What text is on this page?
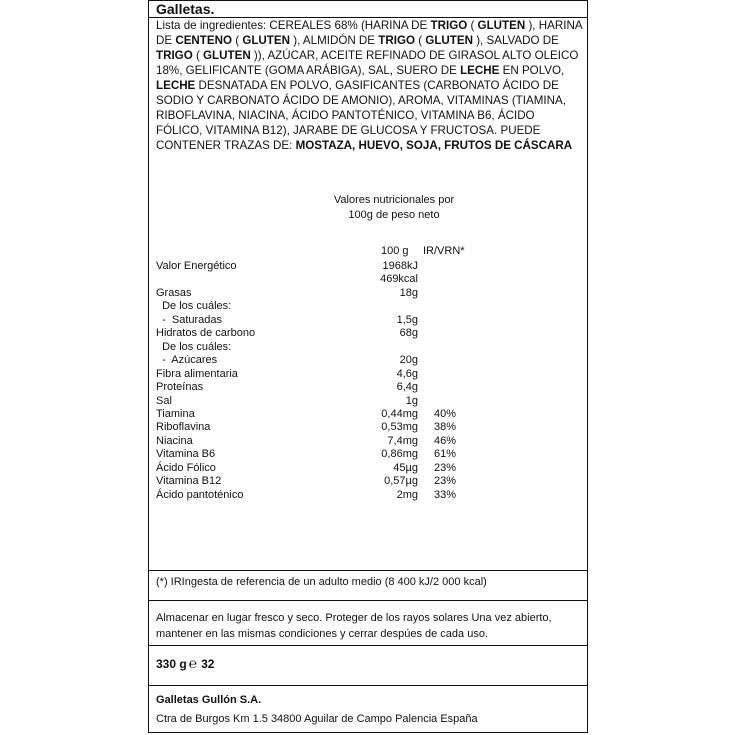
Galletas.
Lista de ingredientes: CEREALES 68% (HARINA DE TRIGO ( GLUTEN ), HARINA DE CENTENO ( GLUTEN ), ALMIDÓN DE TRIGO ( GLUTEN ), SALVADO DE TRIGO ( GLUTEN )), AZÚCAR, ACEITE REFINADO DE GIRASOL ALTO OLEICO 18%, GELIFICANTE (GOMA ARÁBIGA), SAL, SUERO DE LECHE EN POLVO, LECHE DESNATADA EN POLVO, GASIFICANTES (CARBONATO ÁCIDO DE SODIO Y CARBONATO ÁCIDO DE AMONIO), AROMA, VITAMINAS (TIAMINA, RIBOFLAVINA, NIACINA, ÁCIDO PANTOTÉNICO, VITAMINA B6, ÁCIDO FÓLICO, VITAMINA B12), JARABE DE GLUCOSA Y FRUCTOSA. PUEDE CONTENER TRAZAS DE: MOSTAZA, HUEVO, SOJA, FRUTOS DE CÁSCARA
Valores nutricionales por
100g de peso neto
100 g IR/VRN*
Valor Energético	1968kJ
469kcal
Grasas	18g
De los cuáles:
-  Saturadas	1,5g
Hidratos de carbono	68g
De los cuáles:
-  Azúcares	20g
Fibra alimentaria	4,6g
Proteínas	6,4g
Sal	1g
Tiamina	0,44mg 40%
Riboflavina	0,53mg 38%
Niacina	7,4mg 46%
Vitamina B6	0,86mg 61%
Ácido Fólico	45µg 23%
Vitamina B12	0,57µg 23%
Ácido pantoténico	2mg 33%
(*) IRIngesta de referencia de un adulto medio (8 400 kJ/2 000 kcal)
Almacenar en lugar fresco y seco. Proteger de los rayos solares Una vez abierto, mantener en las mismas condiciones y cerrar despúes de cada uso.
330 g ℮ 32
Galletas Gullón S.A.
Ctra de Burgos Km 1.5 34800 Aguilar de Campo Palencia España
